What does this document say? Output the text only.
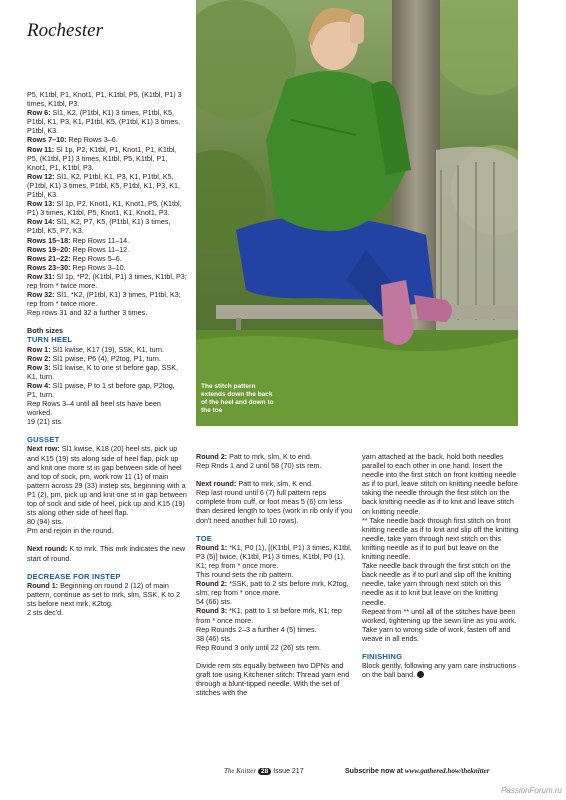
Rochester
The stitch pattern extends down the back of the heel and down to the toe

P5, K1tbl, P1, Knot1, P1, K1tbl, P5, (K1tbl, P1) 3 times, K1tbl, P3.

Row 6: Sl1, K2, (P1tbl, K1) 3 times, P1tbl, K5, P1tbl, K1, P3, K1, P1tbl, K5, (P1tbl, K1) 3 times, P1tbl, K3.

Rows 7–10: Rep Rows 3–6.

Row 11: Sl 1p, P2, K1tbl, P1, Knot1, P1, K1tbl, P5, (K1tbl, P1) 3 times, K1tbl, P5, K1tbl, P1, Knot1, P1, K1tbl, P3.

Row 12: Sl1, K2, P1tbl, K1, P3, K1, P1tbl, K5, (P1tbl, K1) 3 times, P1tbl, K5, P1tbl, K1, P3, K1, P1tbl, K3.

Row 13: Sl 1p, P2, Knot1, K1, Knot1, P5, (K1tbl, P1) 3 times, K1tbl, P5, Knot1, K1, Knot1, P3.

Row 14: Sl1, K2, P7, K5, (P1tbl, K1) 3 times, P1tbl, K5, P7, K3.

Rows 15–18: Rep Rows 11–14.

Rows 19–20: Rep Rows 11–12.

Rows 21–22: Rep Rows 5–6.

Rows 23–30: Rep Rows 3–10.

Row 31: Sl 1p, *P2, (K1tbl, P1) 3 times, K1tbl, P3; rep from * twice more.

Row 32: Sl1, *K2, (P1tbl, K1) 3 times, P1tbl, K3; rep from * twice more.

Rep rows 31 and 32 a further 3 times.

Both sizes

TURN HEEL

Row 1: Sl1 kwise, K17 (19), SSK, K1, turn.

Row 2: Sl1 pwise, P6 (4), P2tog, P1, turn.

Row 3: Sl1 kwise, K to one st before gap, SSK, K1, turn.

Row 4: Sl1 pwise, P to 1 st before gap, P2tog, P1, turn.

Rep Rows 3–4 until all heel sts have been worked.

19 (21) sts.

GUSSET

Next row: Sl1 kwise, K18 (20) heel sts, pick up and K15 (19) sts along side of heel flap, pick up and knit one more st in gap between side of heel and top of sock, pm, work row 11 (1) of main pattern across 29 (33) instep sts, beginning with a P1 (2), pm, pick up and knit one st in gap between top of sock and side of heel, pick up and K15 (19) sts along other side of heel flap.

80 (94) sts.

Pm and rejoin in the round.

Next round: K to mrk. This mrk indicates the new start of round.

DECREASE FOR INSTEP

Round 1: Beginning on round 2 (12) of main pattern, continue as set to mrk, slm, SSK, K to 2 sts before next mrk, K2tog.

2 sts dec'd.

Round 2: Patt to mrk, slm, K to end.

Rep Rnds 1 and 2 until 58 (70) sts rem.

Next round: Patt to mrk, slm, K end.

Rep last round until 6 (7) full pattern reps complete from cuff, or foot meas 5 (6) cm less than desired length to toes (work in rib only if you don't need another full 10 rows).

TOE

Round 1: *K1, P0 (1), [(K1tbl, P1) 3 times, K1tbl, P3 (5)] twice, (K1tbl, P1) 3 times, K1tbl, P0 (1), K1; rep from * once more.

This round sets the rib pattern.

Round 2: *SSK, patt to 2 sts before mrk, K2tog, slm; rep from * once more.

54 (66) sts.

Round 3: *K1, patt to 1 st before mrk, K1; rep from * once more.

Rep Rounds 2–3 a further 4 (5) times.

38 (46) sts.

Rep Round 3 only until 22 (26) sts rem.

Divide rem sts equally between two DPNs and graft toe using Kitchener stitch: Thread yarn end through a blunt-tipped needle. With the set of stitches with the

yarn attached at the back, hold both needles parallel to each other in one hand. Insert the needle into the first stitch on front knitting needle as if to purl, leave stitch on knitting needle before taking the needle through the first stitch on the back knitting needle as if to knit and leave stitch on knitting needle.

** Take needle back through first stitch on front knitting needle as if to knit and slip off the knitting needle, take yarn through next stitch on this knitting needle as if to purl but leave on the knitting needle.

Take needle back through the first stitch on the back needle as if to purl and slip off the knitting needle, take yarn through next stitch on this needle as it to knit but leave on the knitting needle.

Repeat from ** until all of the stitches have been worked, tightening up the sewn line as you work.

Take yarn to wrong side of work, fasten off and weave in all ends.

FINISHING

Block gently, following any yarn care instructions on the ball band.

The Knitter 28 Issue 217	Subscribe now at www.gathered.how/theknitter
PassionForum.ru
